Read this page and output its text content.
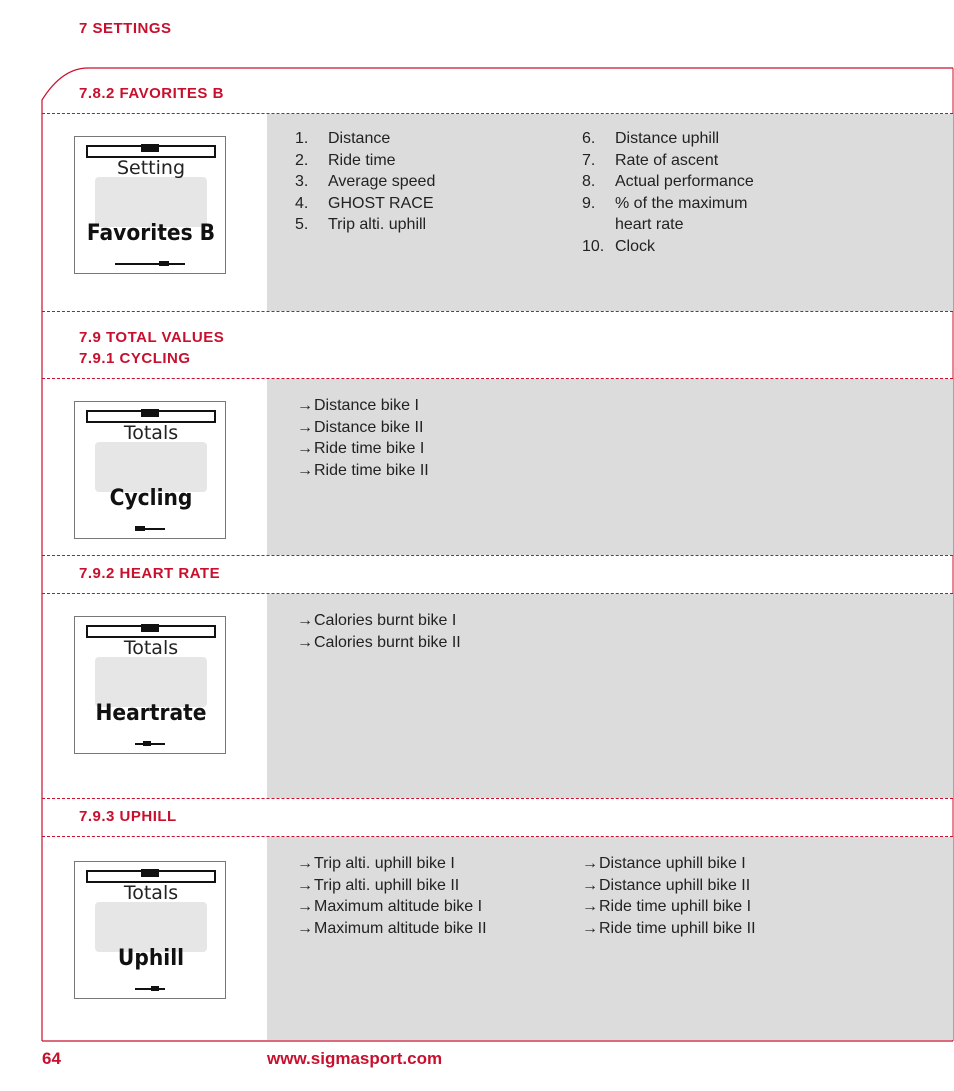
7 SETTINGS
7.8.2 FAVORITES B
Setting
Favorites B
1. Distance
2. Ride time
3. Average speed
4. GHOST RACE
5. Trip alti. uphill
6. Distance uphill
7. Rate of ascent
8. Actual performance
9. % of the maximum
heart rate
10. Clock
7.9 TOTAL VALUES
7.9.1 CYCLING
Totals
Cycling
→Distance bike I
→Distance bike II
→Ride time bike I
→Ride time bike II
7.9.2 HEART RATE
Totals
Heartrate
→Calories burnt bike I
→Calories burnt bike II
7.9.3 UPHILL
Totals
Uphill
→Trip alti. uphill bike I
→Trip alti. uphill bike II
→Maximum altitude bike I
→Maximum altitude bike II
→Distance uphill bike I
→Distance uphill bike II
→Ride time uphill bike I
→Ride time uphill bike II
64	www.sigmasport.com
